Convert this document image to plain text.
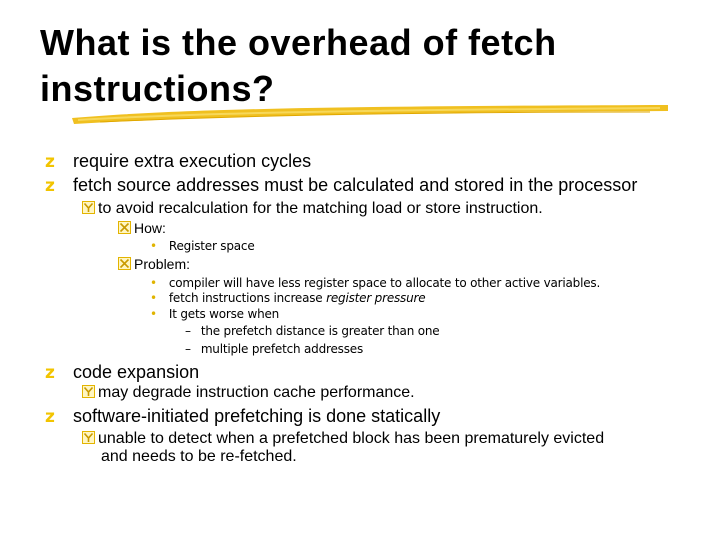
What is the overhead of fetch instructions?
z require extra execution cycles
z fetch source addresses must be calculated and stored in the processor
to avoid recalculation for the matching load or store instruction.
How:
• Register space
Problem:
• compiler will have less register space to allocate to other active variables.
• fetch instructions increase register pressure
• It gets worse when
– the prefetch distance is greater than one
– multiple prefetch addresses
z code expansion
may degrade instruction cache performance.
z software-initiated prefetching is done statically
unable to detect when a prefetched block has been prematurely evicted
and needs to be re-fetched.
